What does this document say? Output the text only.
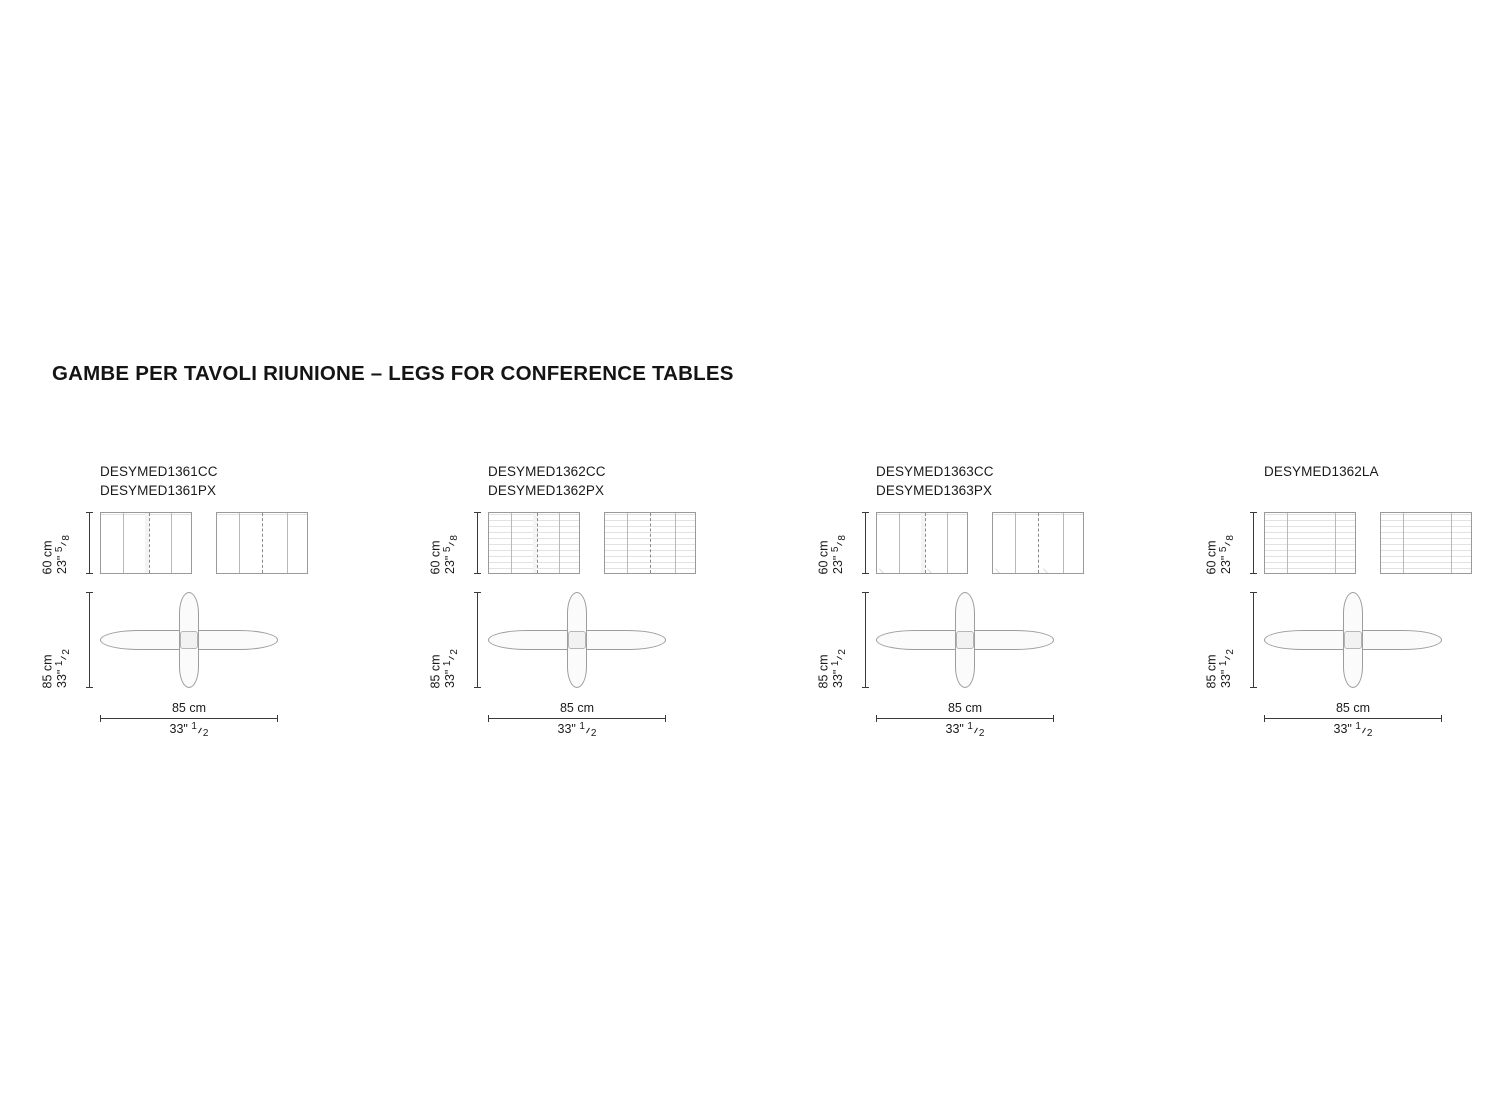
GAMBE PER TAVOLI RIUNIONE – LEGS FOR CONFERENCE TABLES
DESYMED1361CC
DESYMED1361PX
60 cm 23" 58
85 cm 33" 12
85 cm
33" 12
DESYMED1362CC
DESYMED1362PX
60 cm 23" 58
85 cm 33" 12
85 cm
33" 12
DESYMED1363CC
DESYMED1363PX
60 cm 23" 58
85 cm 33" 12
85 cm
33" 12
DESYMED1362LA
60 cm 23" 58
85 cm 33" 12
85 cm
33" 12
